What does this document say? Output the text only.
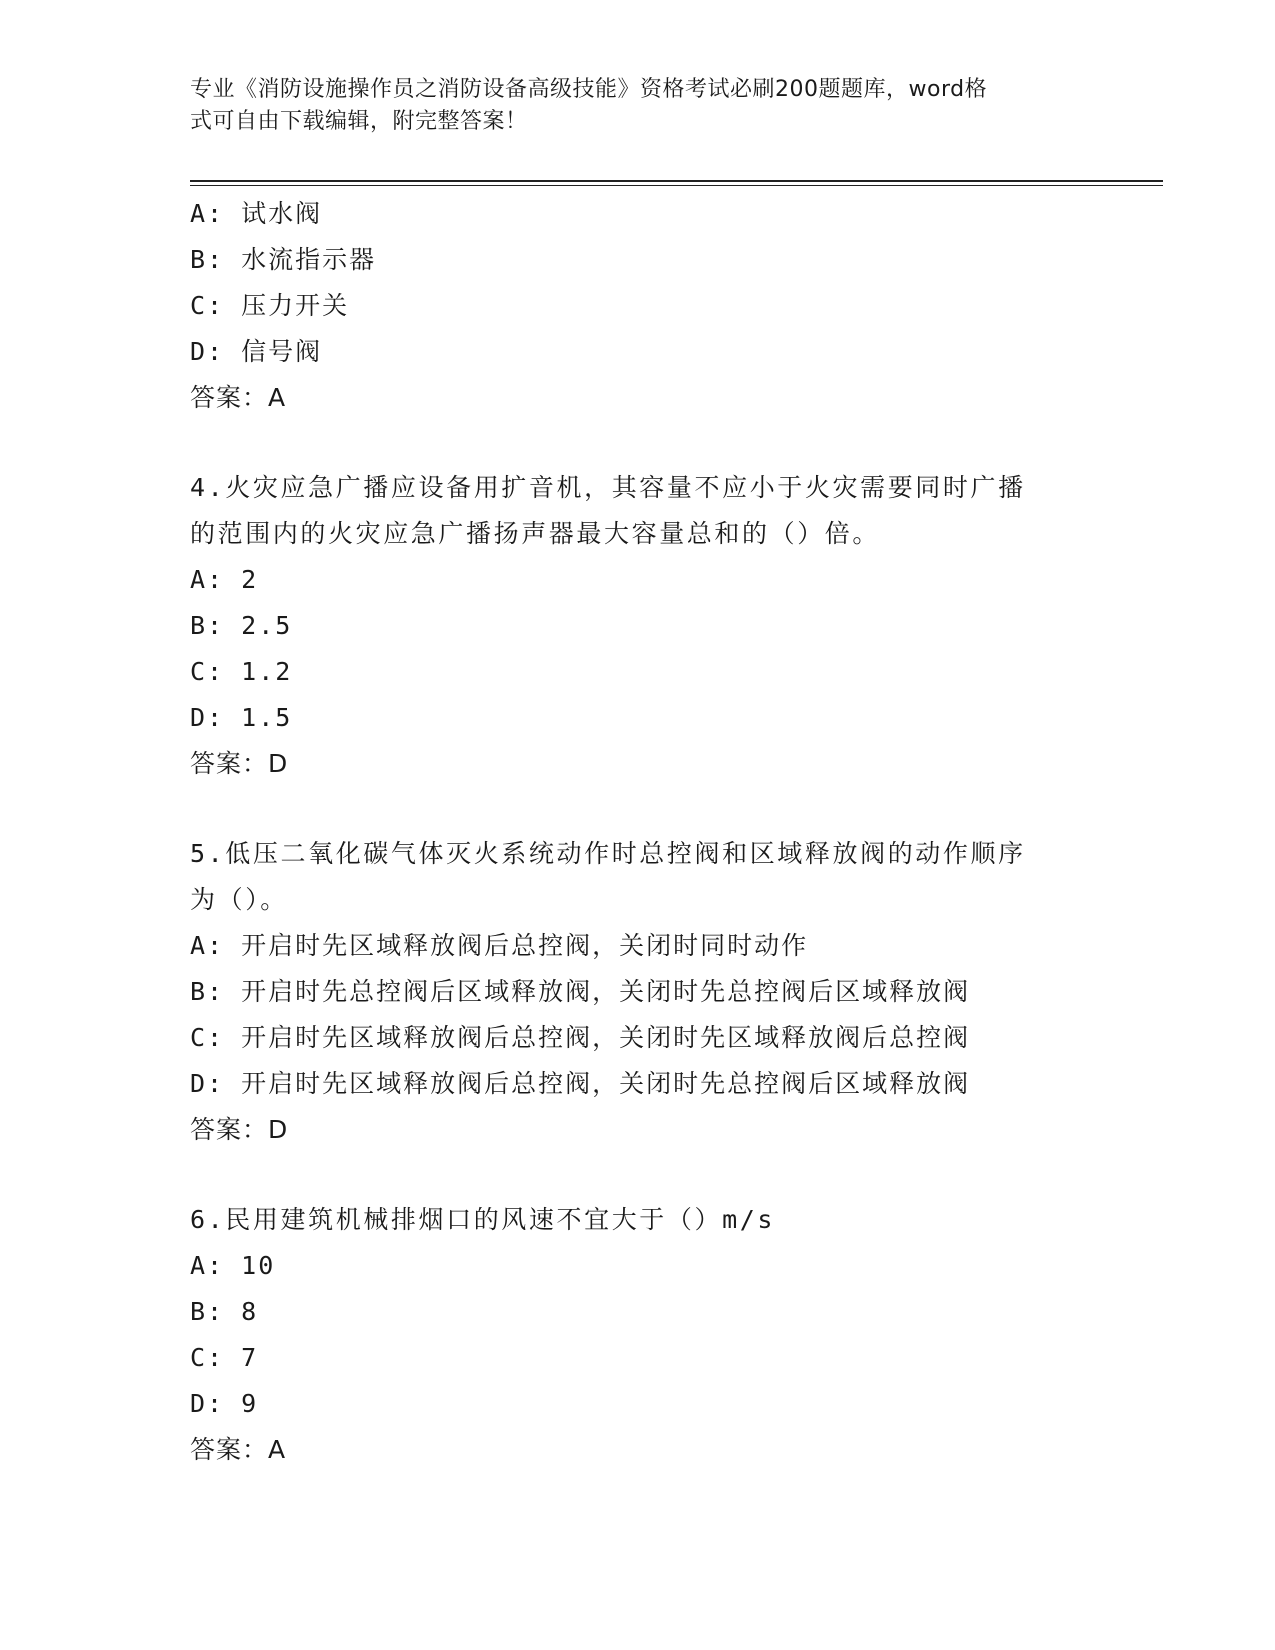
专业《消防设施操作员之消防设备高级技能》资格考试必刷200题题库，word格
式可自由下载编辑，附完整答案！
A: 试水阀
B: 水流指示器
C: 压力开关
D: 信号阀
答案：A
4.火灾应急广播应设备用扩音机，其容量不应小于火灾需要同时广播
的范围内的火灾应急广播扬声器最大容量总和的（）倍。
A: 2
B: 2.5
C: 1.2
D: 1.5
答案：D
5.低压二氧化碳气体灭火系统动作时总控阀和区域释放阀的动作顺序
为（）。
A: 开启时先区域释放阀后总控阀，关闭时同时动作
B: 开启时先总控阀后区域释放阀，关闭时先总控阀后区域释放阀
C: 开启时先区域释放阀后总控阀，关闭时先区域释放阀后总控阀
D: 开启时先区域释放阀后总控阀，关闭时先总控阀后区域释放阀
答案：D
6.民用建筑机械排烟口的风速不宜大于（）m/s
A: 10
B: 8
C: 7
D: 9
答案：A
